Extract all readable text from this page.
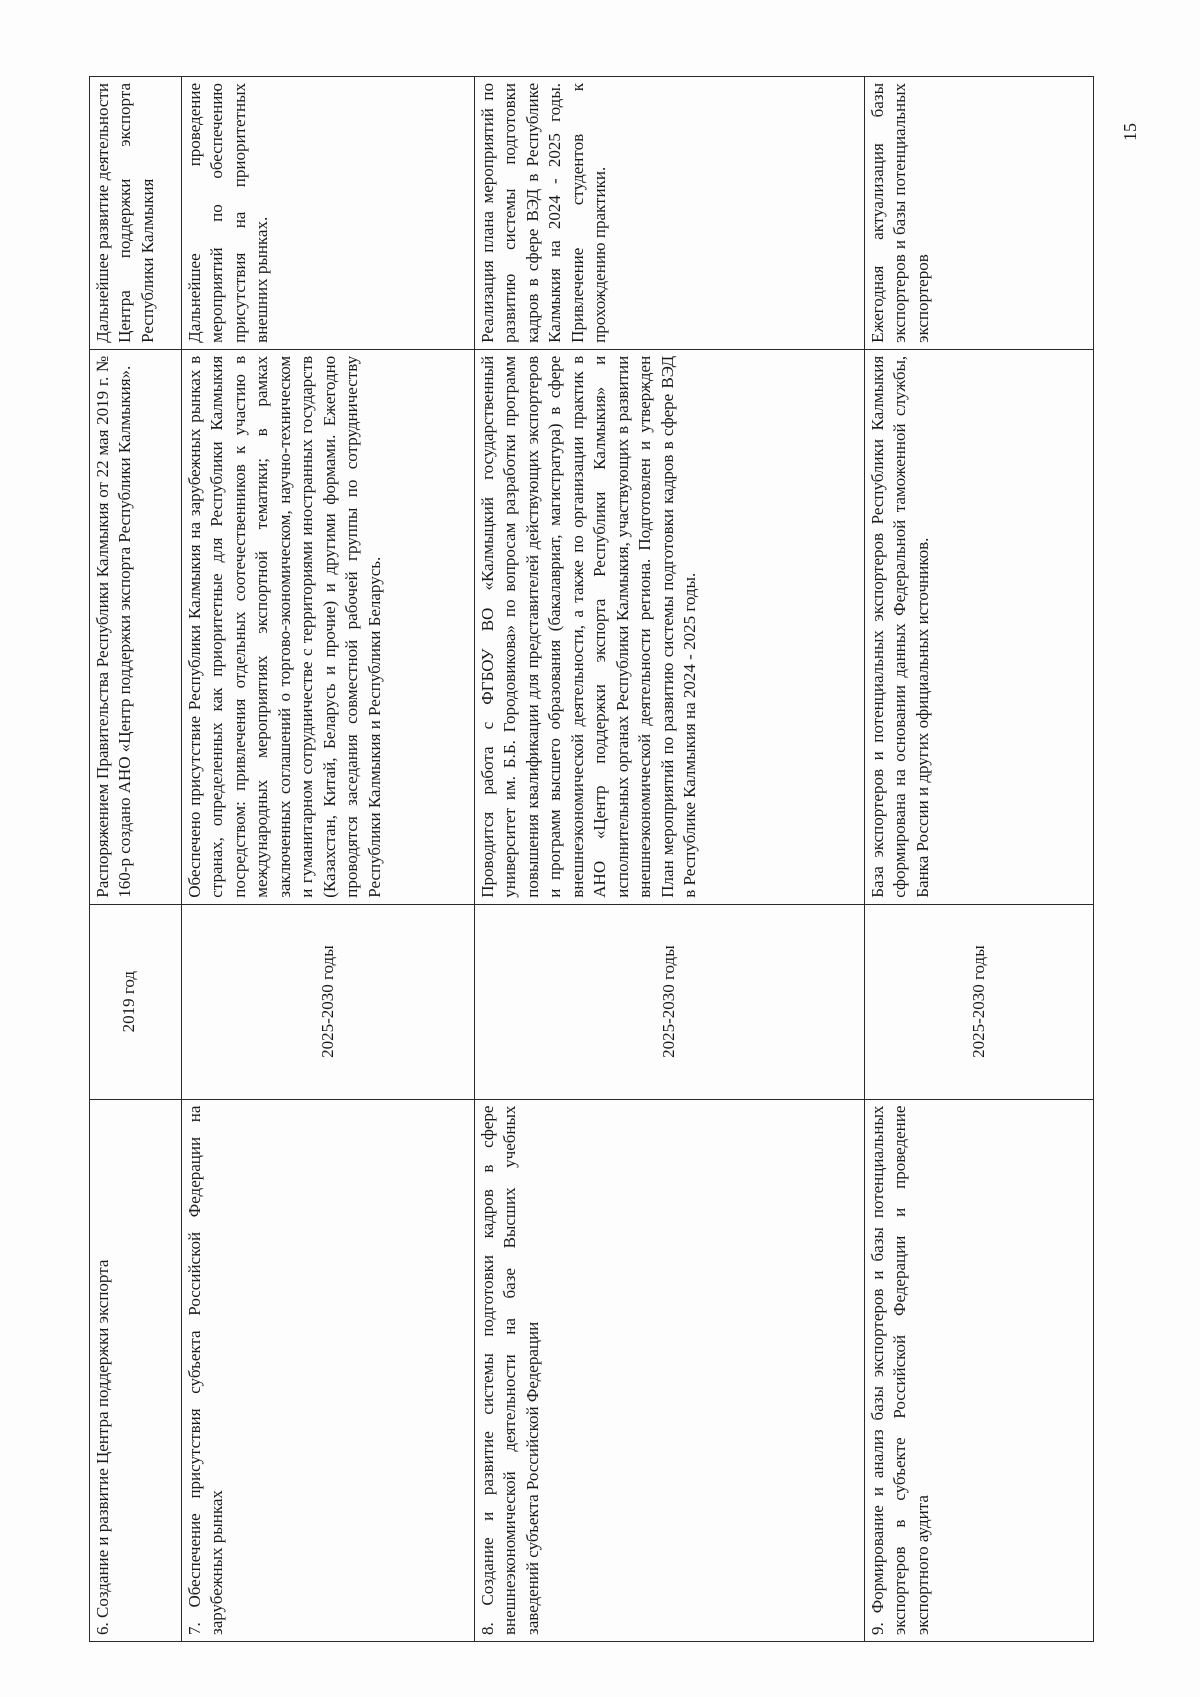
6. Создание и развитие Центра поддержки экспорта	2019 год	Распоряжением Правительства Республики Калмыкия от 22 мая 2019 г. № 160-р создано АНО «Центр поддержки экспорта Республики Калмыкия».	Дальнейшее развитие деятельности Центра поддержки экспорта Республики Калмыкия
7. Обеспечение присутствия субъекта Российской Федерации на зарубежных рынках	2025-2030 годы	Обеспечено присутствие Республики Калмыкия на зарубежных рынках в странах, определенных как приоритетные для Республики Калмыкия посредством: привлечения отдельных соотечественников к участию в международных мероприятиях экспортной тематики; в рамках заключенных соглашений о торгово-экономическом, научно-техническом и гуманитарном сотрудничестве с территориями иностранных государств (Казахстан, Китай, Беларусь и прочие) и другими формами. Ежегодно проводятся заседания совместной рабочей группы по сотрудничеству Республики Калмыкия и Республики Беларусь.	Дальнейшее проведение мероприятий по обеспечению присутствия на приоритетных внешних рынках.
8. Создание и развитие системы подготовки кадров в сфере внешнеэкономической деятельности на базе Высших учебных заведений субъекта Российской Федерации	2025-2030 годы	Проводится работа с ФГБОУ ВО «Калмыцкий государственный университет им. Б.Б. Городовикова» по вопросам разработки программ повышения квалификации для представителей действующих экспортеров и программ высшего образования (бакалавриат, магистратура) в сфере внешнеэкономической деятельности, а также по организации практик в АНО «Центр поддержки экспорта Республики Калмыкия» и исполнительных органах Республики Калмыкия, участвующих в развитии внешнеэкономической деятельности региона. Подготовлен и утвержден План мероприятий по развитию системы подготовки кадров в сфере ВЭД в Республике Калмыкия на 2024 - 2025 годы.	Реализация плана мероприятий по развитию системы подготовки кадров в сфере ВЭД в Республике Калмыкия на 2024 - 2025 годы. Привлечение студентов к прохождению практики.
9. Формирование и анализ базы экспортеров и базы потенциальных экспортеров в субъекте Российской Федерации и проведение экспортного аудита	2025-2030 годы	База экспортеров и потенциальных экспортеров Республики Калмыкия сформирована на основании данных Федеральной таможенной службы, Банка России и других официальных источников.	Ежегодная актуализация базы экспортеров и базы потенциальных экспортеров
15
